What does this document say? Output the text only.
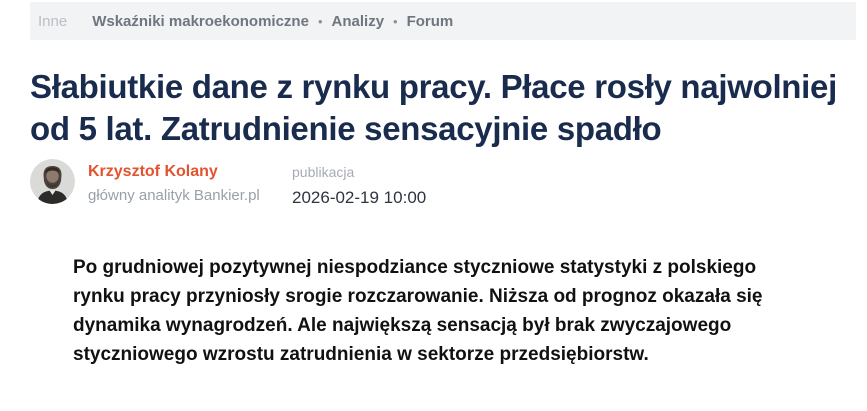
Inne Wskaźniki makroekonomiczne • Analizy • Forum
Słabiutkie dane z rynku pracy. Płace rosły najwolniej od 5 lat. Zatrudnienie sensacyjnie spadło
Krzysztof Kolany
główny analityk Bankier.pl
publikacja
2026-02-19 10:00

Po grudniowej pozytywnej niespodziance styczniowe statystyki z polskiego rynku pracy przyniosły srogie rozczarowanie. Niższa od prognoz okazała się dynamika wynagrodzeń. Ale największą sensacją był brak zwyczajowego styczniowego wzrostu zatrudnienia w sektorze przedsiębiorstw.
